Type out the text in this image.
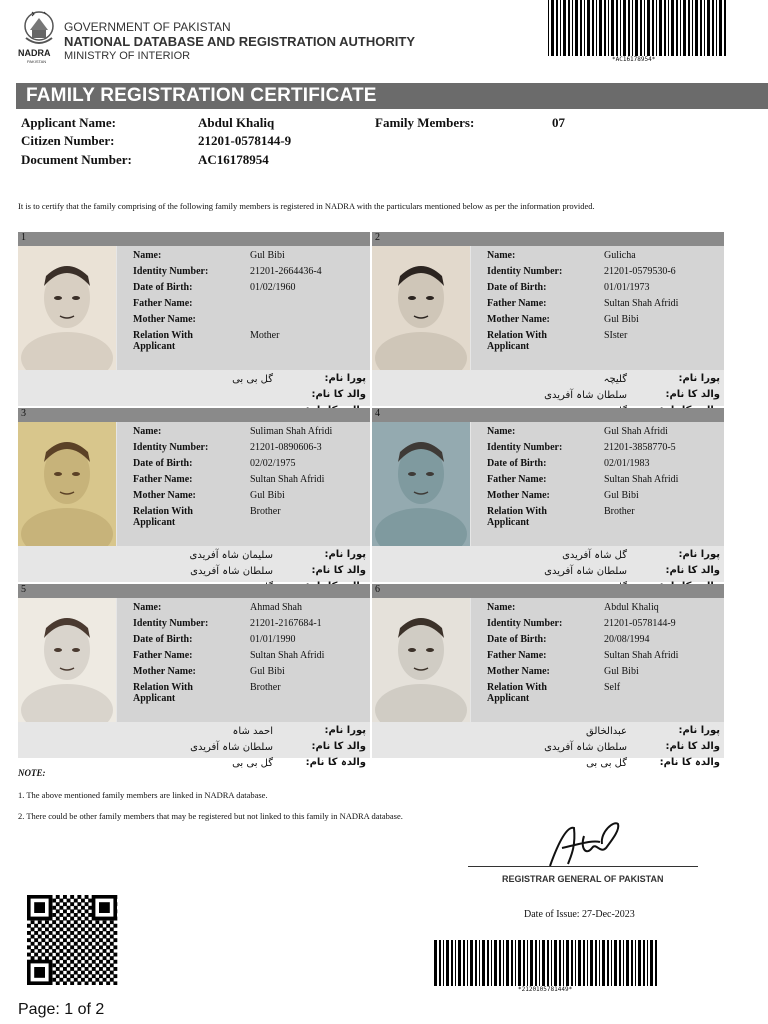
NADRA
PAKISTAN
GOVERNMENT OF PAKISTAN
NATIONAL DATABASE AND REGISTRATION AUTHORITY
MINISTRY OF INTERIOR	*AC16178954*
FAMILY REGISTRATION CERTIFICATE
Applicant Name:	Abdul Khaliq	Family Members:	07
Citizen Number:	21201-0578144-9
Document Number:	AC16178954
It is to certify that the family comprising of the following family members is registered in NADRA with the particulars mentioned below as per the information provided.
1
Name:	Gul Bibi
Identity Number:	21201-2664436-4
Date of Birth:	01/02/1960
Father Name:
Mother Name:
Relation With Applicant
Mother
گل بی بی	پورا نام:
والد کا نام:
2
Name:	Gulicha
Identity Number:	21201-0579530-6
Date of Birth:	01/01/1973
Father Name:	Sultan Shah Afridi
Mother Name:	Gul Bibi
Relation With Applicant
SIster
گلیچہ	پورا نام:
سلطان شاہ آفریدی	والد کا نام:
3
Name:	Suliman Shah Afridi
Identity Number:	21201-0890606-3
Date of Birth:	02/02/1975
Father Name:	Sultan Shah Afridi
Mother Name:	Gul Bibi
Relation With Applicant
Brother
سلیمان شاہ آفریدی	پورا نام:
سلطان شاہ آفریدی	والد کا نام:
4
Name:	Gul Shah Afridi
Identity Number:	21201-3858770-5
Date of Birth:	02/01/1983
Father Name:	Sultan Shah Afridi
Mother Name:	Gul Bibi
Relation With Applicant
Brother
گل شاہ آفریدی	پورا نام:
سلطان شاہ آفریدی	والد کا نام:
5
Name:	Ahmad Shah
Identity Number:	21201-2167684-1
Date of Birth:	01/01/1990
Father Name:	Sultan Shah Afridi
Mother Name:	Gul Bibi
Relation With Applicant
Brother
احمد شاہ	پورا نام:
سلطان شاہ آفریدی	والد کا نام:
گل بی بی	والدہ کا نام:
6
Name:	Abdul Khaliq
Identity Number:	21201-0578144-9
Date of Birth:	20/08/1994
Father Name:	Sultan Shah Afridi
Mother Name:	Gul Bibi
Relation With Applicant
Self
عبدالخالق	پورا نام:
سلطان شاہ آفریدی	والد کا نام:
گل بی بی	والدہ کا نام:
NOTE:
1. The above mentioned family members are linked in NADRA database.
2. There could be other family members that may be registered but not linked to this family in NADRA database.
REGISTRAR GENERAL OF PAKISTAN
Date of Issue: 27-Dec-2023
*21201057814​49*
Page: 1 of 2
